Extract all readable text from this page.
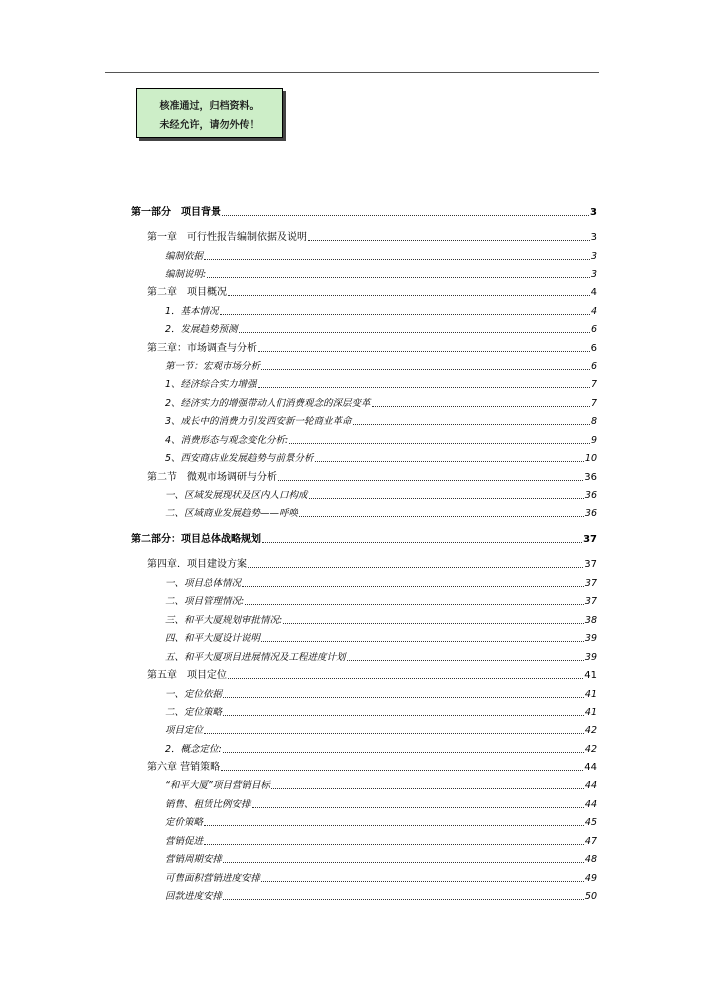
核准通过，归档资料。
未经允许，请勿外传！
第一部分　项目背景	3
第一章　可行性报告编制依据及说明	3
编制依据	3
编制说明:	3
第二章　项目概况	4
1．基本情况	4
2．发展趋势预测	6
第三章：市场调查与分析	6
第一节：宏观市场分析	6
1、经济综合实力增强	7
2、经济实力的增强带动人们消费观念的深层变革	7
3、成长中的消费力引发西安新一轮商业革命	8
4、消费形态与观念变化分析:	9
5、西安商店业发展趋势与前景分析	10
第二节　微观市场调研与分析	36
一、区域发展现状及区内人口构成	36
二、区域商业发展趋势——呼唤	36
第二部分：项目总体战略规划	37
第四章．项目建设方案	37
一、项目总体情况	37
二、项目管理情况:	37
三、和平大厦规划审批情况:	38
四、和平大厦设计说明	39
五、和平大厦项目进展情况及工程进度计划	39
第五章　项目定位	41
一、定位依据	41
二、定位策略	41
项目定位	42
2．概念定位:	42
第六章 营销策略	44
“和平大厦”项目营销目标	44
销售、租赁比例安排	44
定价策略	45
营销促进	47
营销周期安排	48
可售面积营销进度安排	49
回款进度安排	50
